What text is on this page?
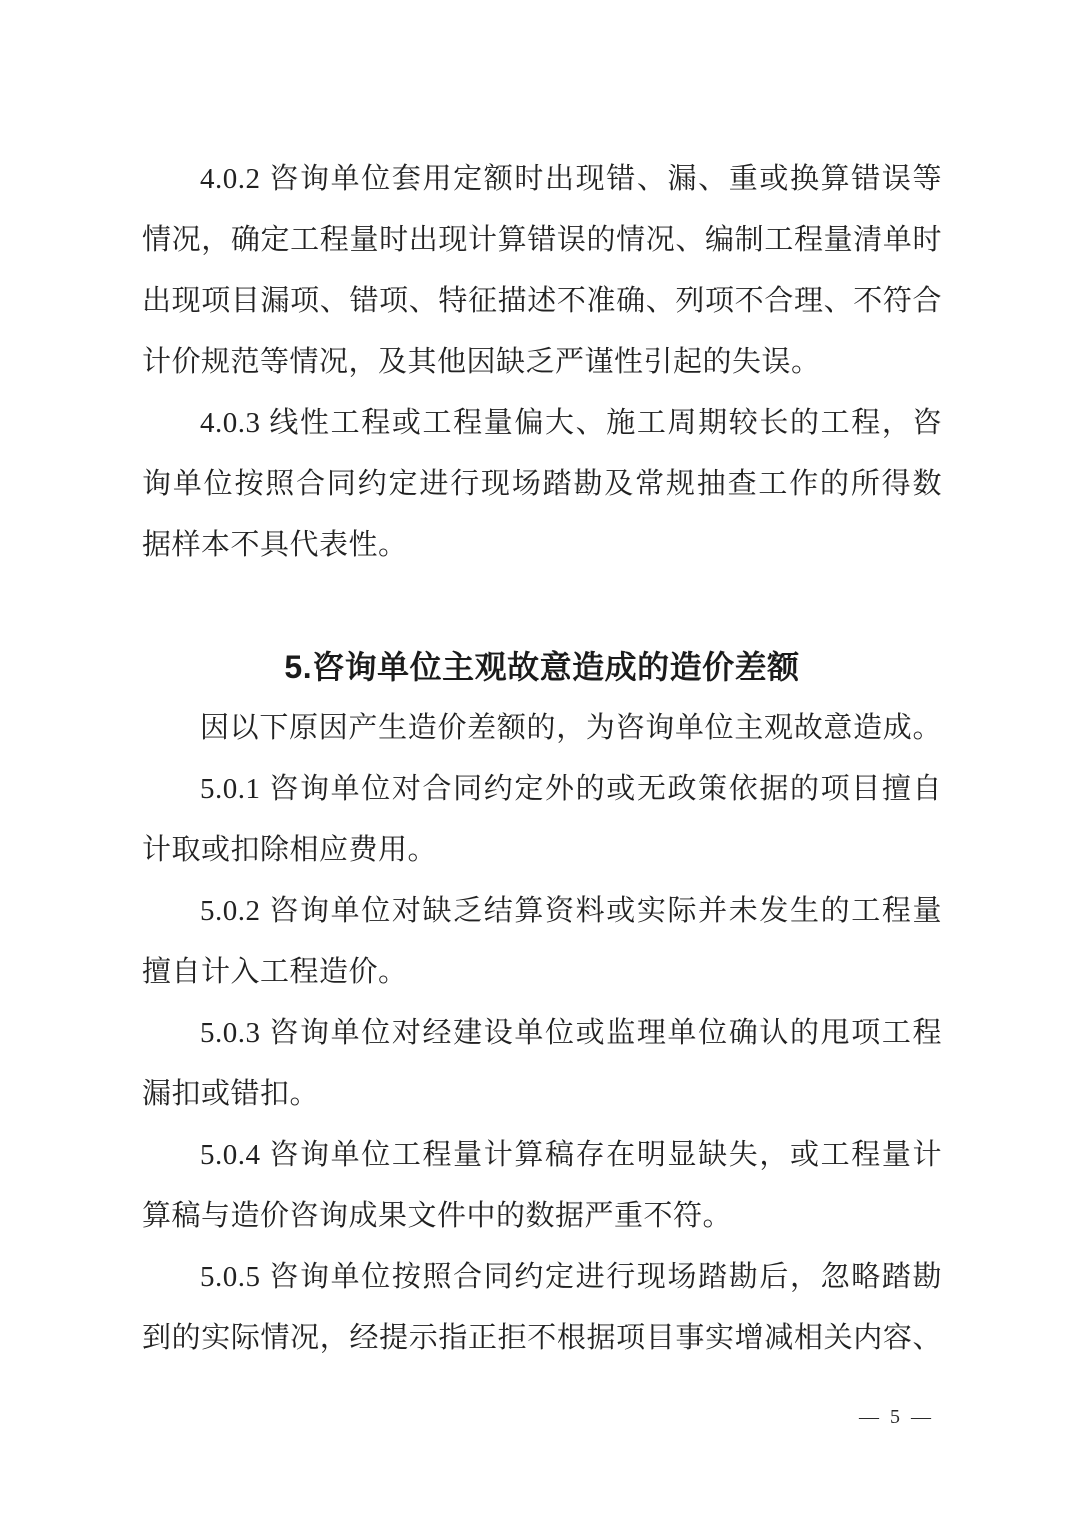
4.0.2 咨询单位套用定额时出现错、漏、重或换算错误等
情况，确定工程量时出现计算错误的情况、编制工程量清单时
出现项目漏项、错项、特征描述不准确、列项不合理、不符合
计价规范等情况，及其他因缺乏严谨性引起的失误。

4.0.3 线性工程或工程量偏大、施工周期较长的工程，咨
询单位按照合同约定进行现场踏勘及常规抽查工作的所得数
据样本不具代表性。

5.咨询单位主观故意造成的造价差额

因以下原因产生造价差额的，为咨询单位主观故意造成。

5.0.1 咨询单位对合同约定外的或无政策依据的项目擅自
计取或扣除相应费用。

5.0.2 咨询单位对缺乏结算资料或实际并未发生的工程量
擅自计入工程造价。

5.0.3 咨询单位对经建设单位或监理单位确认的甩项工程
漏扣或错扣。

5.0.4 咨询单位工程量计算稿存在明显缺失，或工程量计
算稿与造价咨询成果文件中的数据严重不符。

5.0.5 咨询单位按照合同约定进行现场踏勘后，忽略踏勘
到的实际情况，经提示指正拒不根据项目事实增减相关内容、

— 5 —
